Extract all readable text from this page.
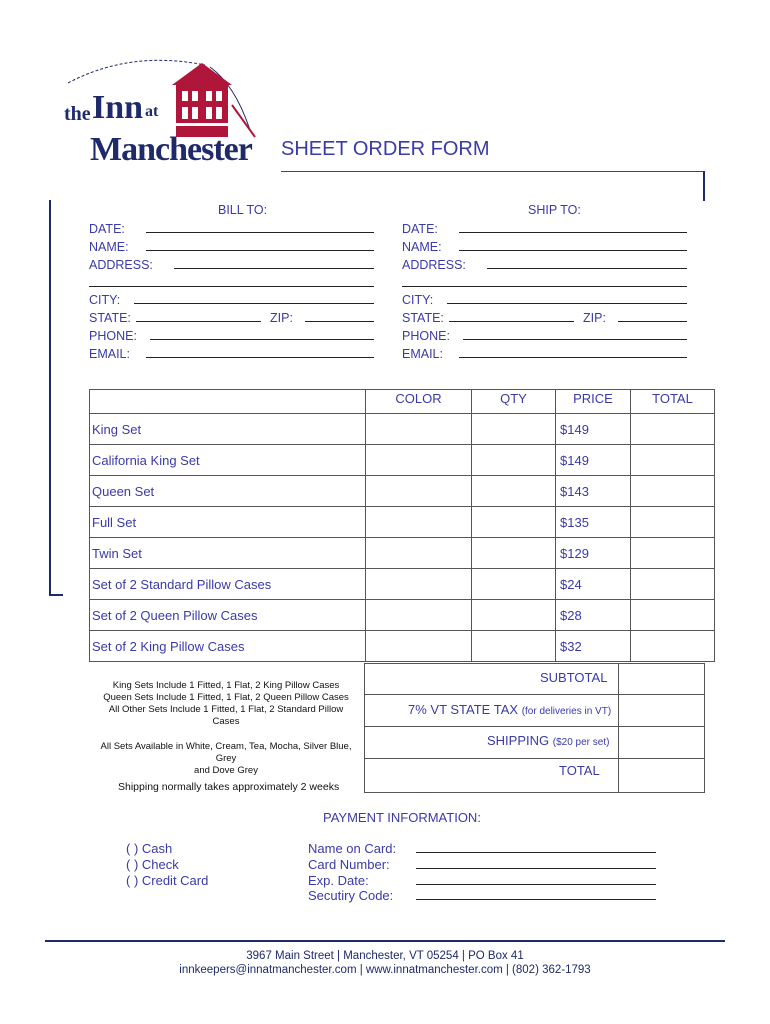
the Inn at
Manchester SHEET ORDER FORM
BILL TO:
DATE:
NAME:
ADDRESS:
CITY:
STATE:	ZIP:
PHONE:
EMAIL:
SHIP TO:
DATE:
NAME:
ADDRESS:
CITY:
STATE:	ZIP:
PHONE:
EMAIL:
	COLOR	QTY	PRICE	TOTAL
King Set			$149	
California King Set			$149	
Queen Set			$143	
Full Set			$135	
Twin Set			$129	
Set of 2 Standard Pillow Cases			$24	
Set of 2 Queen Pillow Cases			$28	
Set of 2 King Pillow Cases			$32	
SUBTOTAL
7% VT STATE TAX (for deliveries in VT)
SHIPPING ($20 per set)
TOTAL
King Sets Include 1 Fitted, 1 Flat, 2 King Pillow Cases
Queen Sets Include 1 Fitted, 1 Flat, 2 Queen Pillow Cases
All Other Sets Include 1 Fitted, 1 Flat, 2 Standard Pillow
Cases
All Sets Available in White, Cream, Tea, Mocha, Silver Blue, Grey
and Dove Grey
Shipping normally takes approximately 2 weeks
PAYMENT INFORMATION:
( ) Cash
( ) Check
( ) Credit Card
Name on Card:
Card Number:
Exp. Date:
Secutiry Code:
3967 Main Street | Manchester, VT 05254 | PO Box 41
innkeepers@innatmanchester.com | www.innatmanchester.com | (802) 362-1793
